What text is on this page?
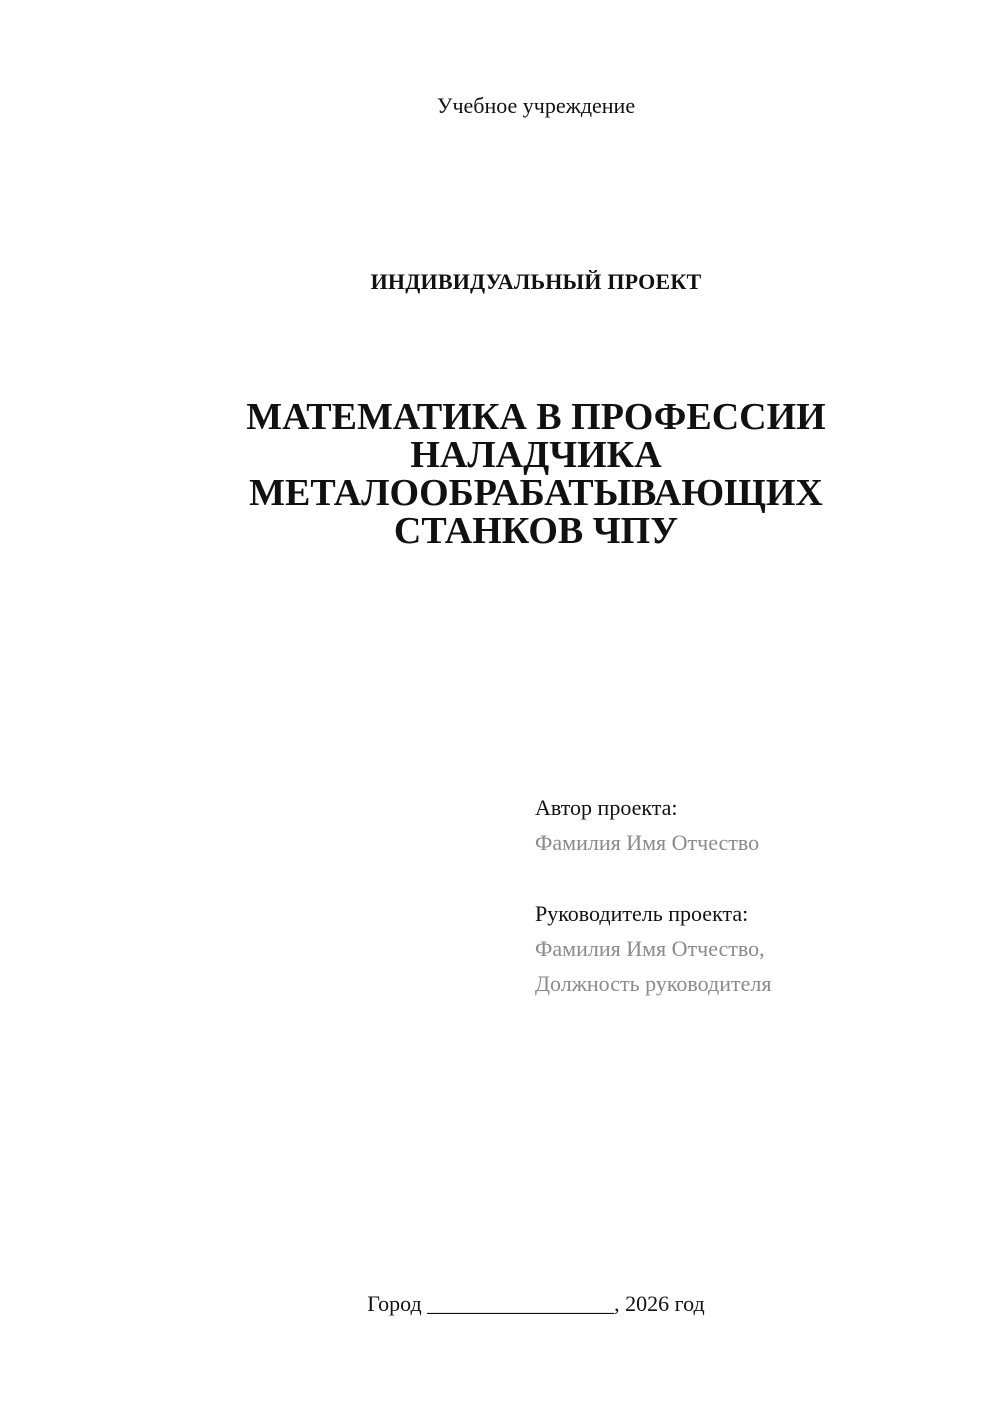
Учебное учреждение
ИНДИВИДУАЛЬНЫЙ ПРОЕКТ
МАТЕМАТИКА В ПРОФЕССИИ
НАЛАДЧИКА
МЕТАЛООБРАБАТЫВАЮЩИХ
СТАНКОВ ЧПУ
Автор проекта:
Фамилия Имя Отчество
Руководитель проекта:
Фамилия Имя Отчество,
Должность руководителя
Город _________________, 2026 год
